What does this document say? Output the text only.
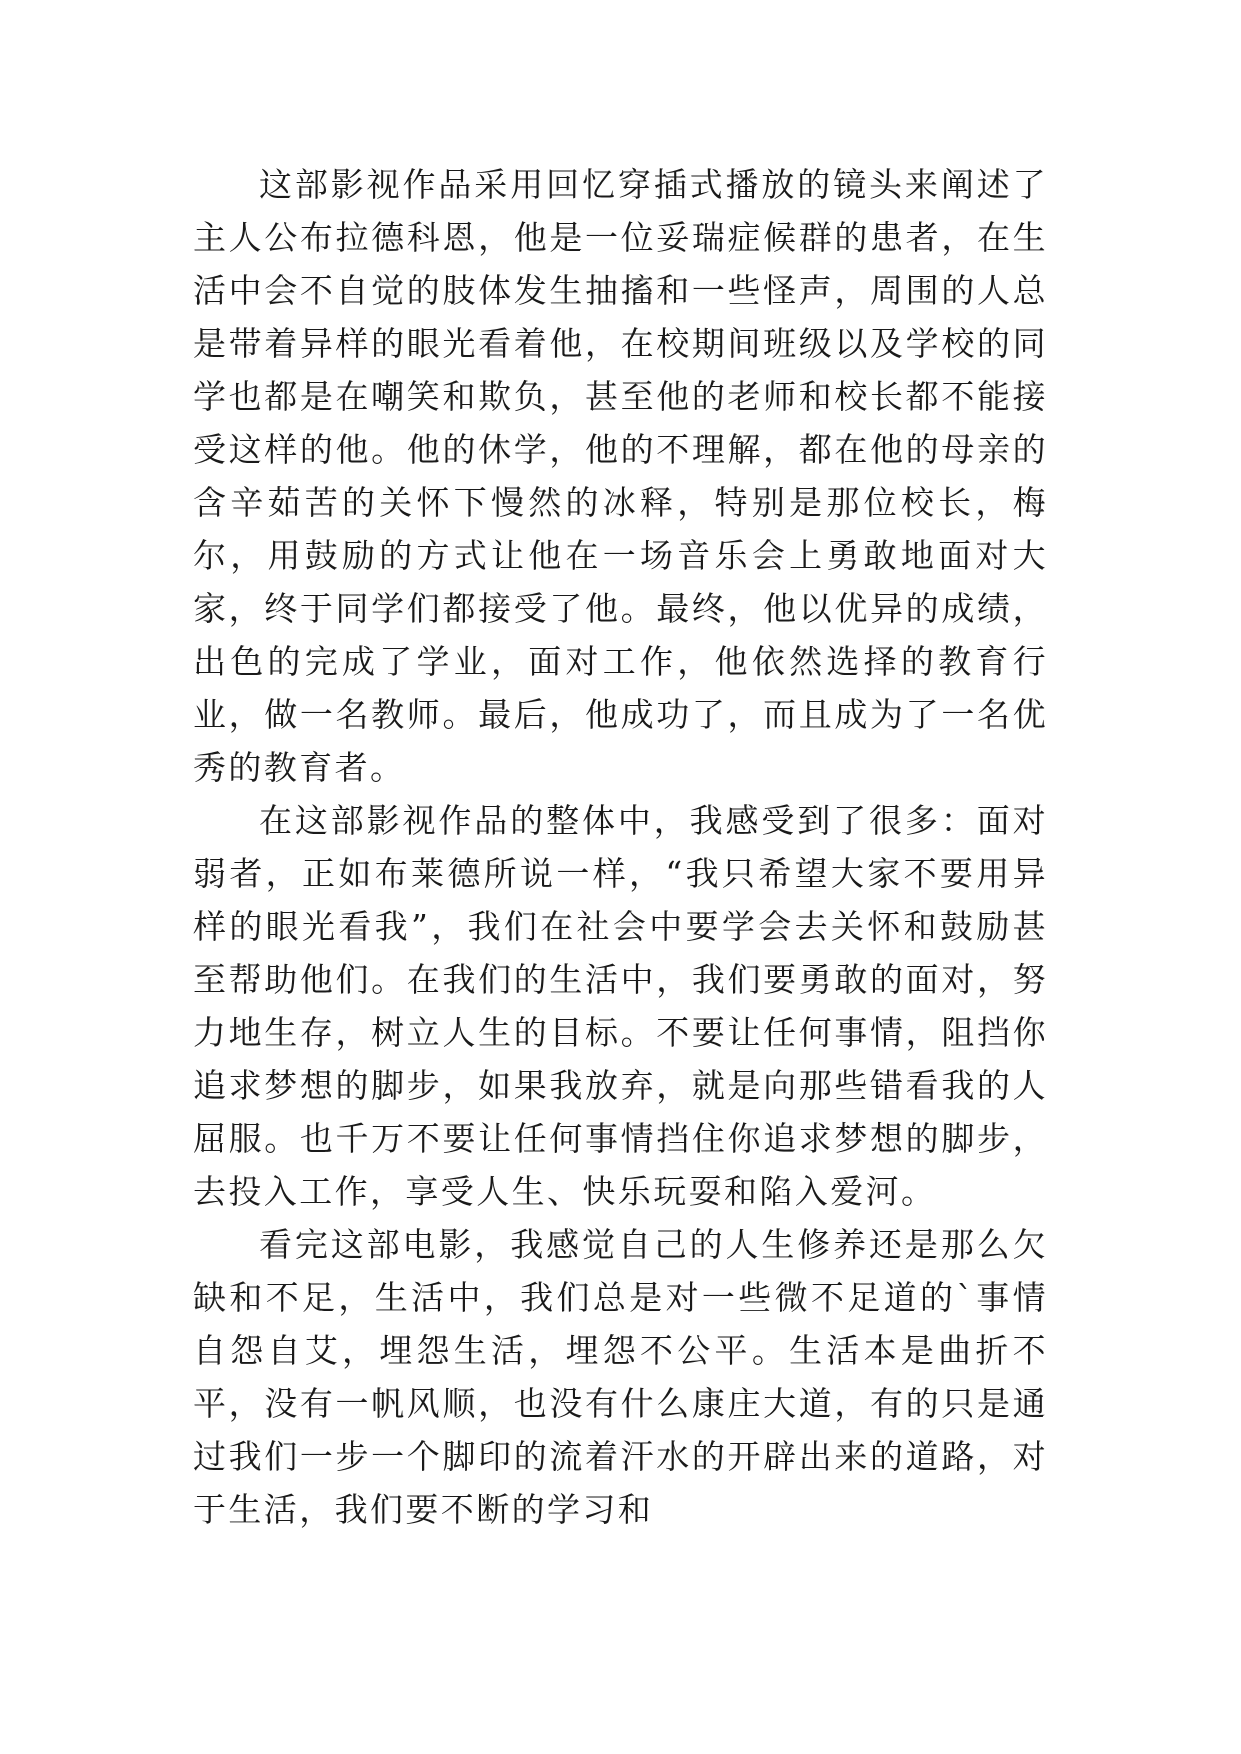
这部影视作品采用回忆穿插式播放的镜头来阐述了主人公布拉德科恩，他是一位妥瑞症候群的患者，在生活中会不自觉的肢体发生抽搐和一些怪声，周围的人总是带着异样的眼光看着他，在校期间班级以及学校的同学也都是在嘲笑和欺负，甚至他的老师和校长都不能接受这样的他。他的休学，他的不理解，都在他的母亲的含辛茹苦的关怀下慢然的冰释，特别是那位校长，梅尔，用鼓励的方式让他在一场音乐会上勇敢地面对大家，终于同学们都接受了他。最终，他以优异的成绩，出色的完成了学业，面对工作，他依然选择的教育行业，做一名教师。最后，他成功了，而且成为了一名优秀的教育者。

在这部影视作品的整体中，我感受到了很多：面对弱者，正如布莱德所说一样，“我只希望大家不要用异样的眼光看我”，我们在社会中要学会去关怀和鼓励甚至帮助他们。在我们的生活中，我们要勇敢的面对，努力地生存，树立人生的目标。不要让任何事情，阻挡你追求梦想的脚步，如果我放弃，就是向那些错看我的人屈服。也千万不要让任何事情挡住你追求梦想的脚步，去投入工作，享受人生、快乐玩耍和陷入爱河。

看完这部电影，我感觉自己的人生修养还是那么欠缺和不足，生活中，我们总是对一些微不足道的`事情自怨自艾，埋怨生活，埋怨不公平。生活本是曲折不平，没有一帆风顺，也没有什么康庄大道，有的只是通过我们一步一个脚印的流着汗水的开辟出来的道路，对于生活，我们要不断的学习和
